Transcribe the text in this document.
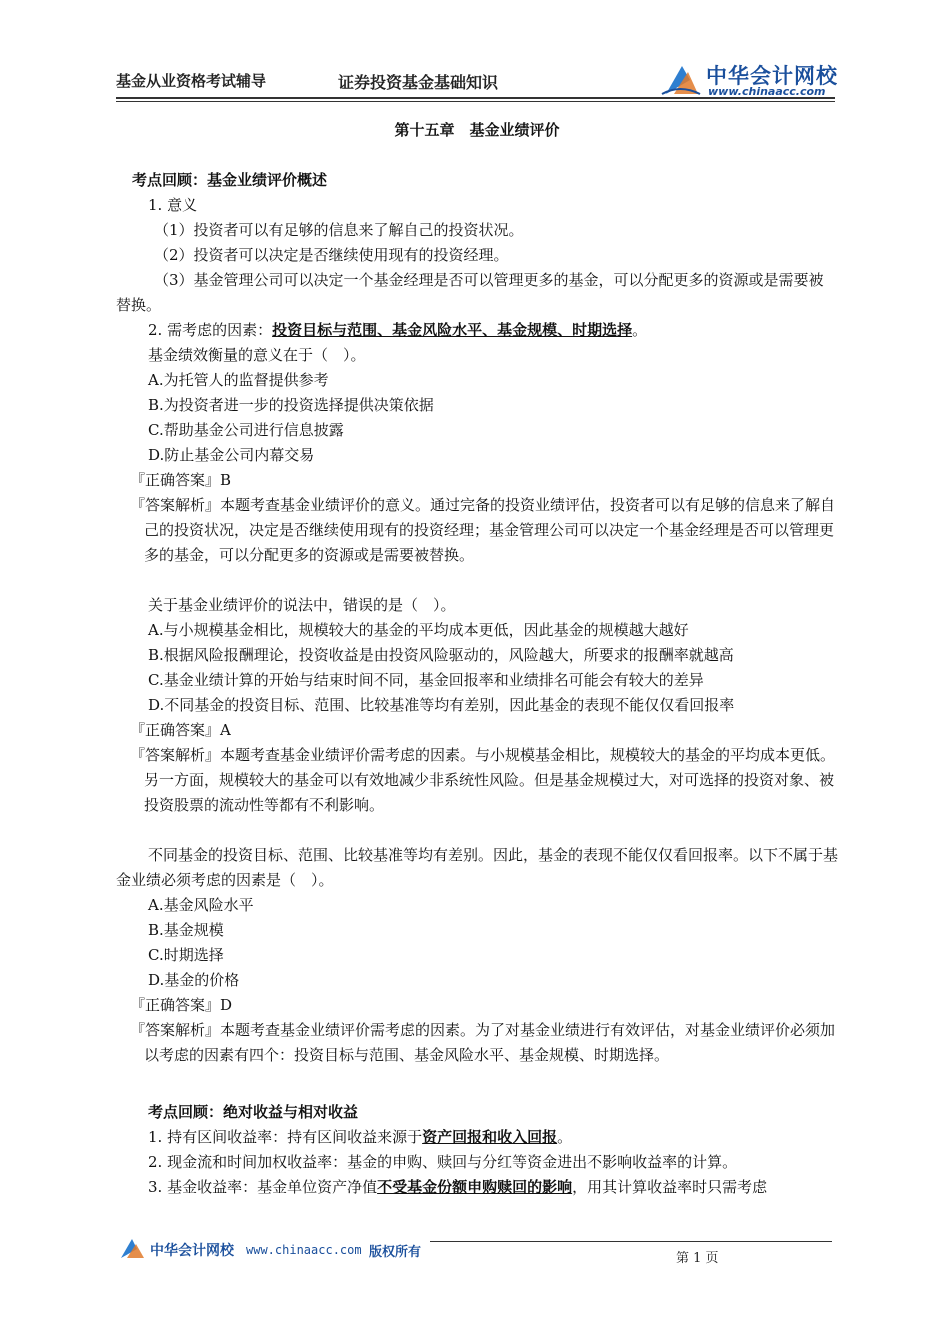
基金从业资格考试辅导	证券投资基金基础知识	中华会计网校
www.chinaacc.com
第十五章　基金业绩评价
考点回顾：基金业绩评价概述
1. 意义
（1）投资者可以有足够的信息来了解自己的投资状况。
（2）投资者可以决定是否继续使用现有的投资经理。
（3）基金管理公司可以决定一个基金经理是否可以管理更多的基金，可以分配更多的资源或是需要被替换。
2. 需考虑的因素：投资目标与范围、基金风险水平、基金规模、时期选择。
基金绩效衡量的意义在于（　）。
A.为托管人的监督提供参考
B.为投资者进一步的投资选择提供决策依据
C.帮助基金公司进行信息披露
D.防止基金公司内幕交易
『正确答案』B
『答案解析』本题考查基金业绩评价的意义。通过完备的投资业绩评估，投资者可以有足够的信息来了解自己的投资状况，决定是否继续使用现有的投资经理；基金管理公司可以决定一个基金经理是否可以管理更多的基金，可以分配更多的资源或是需要被替换。
关于基金业绩评价的说法中，错误的是（　）。
A.与小规模基金相比，规模较大的基金的平均成本更低，因此基金的规模越大越好
B.根据风险报酬理论，投资收益是由投资风险驱动的，风险越大，所要求的报酬率就越高
C.基金业绩计算的开始与结束时间不同，基金回报率和业绩排名可能会有较大的差异
D.不同基金的投资目标、范围、比较基准等均有差别，因此基金的表现不能仅仅看回报率
『正确答案』A
『答案解析』本题考查基金业绩评价需考虑的因素。与小规模基金相比，规模较大的基金的平均成本更低。另一方面，规模较大的基金可以有效地减少非系统性风险。但是基金规模过大，对可选择的投资对象、被投资股票的流动性等都有不利影响。
不同基金的投资目标、范围、比较基准等均有差别。因此，基金的表现不能仅仅看回报率。以下不属于基金业绩必须考虑的因素是（　）。
A.基金风险水平
B.基金规模
C.时期选择
D.基金的价格
『正确答案』D
『答案解析』本题考查基金业绩评价需考虑的因素。为了对基金业绩进行有效评估，对基金业绩评价必须加以考虑的因素有四个：投资目标与范围、基金风险水平、基金规模、时期选择。
考点回顾：绝对收益与相对收益
1. 持有区间收益率：持有区间收益来源于资产回报和收入回报。
2. 现金流和时间加权收益率：基金的申购、赎回与分红等资金进出不影响收益率的计算。
3. 基金收益率：基金单位资产净值不受基金份额申购赎回的影响，用其计算收益率时只需考虑
中华会计网校 www.chinaacc.com 版权所有	第 1 页
